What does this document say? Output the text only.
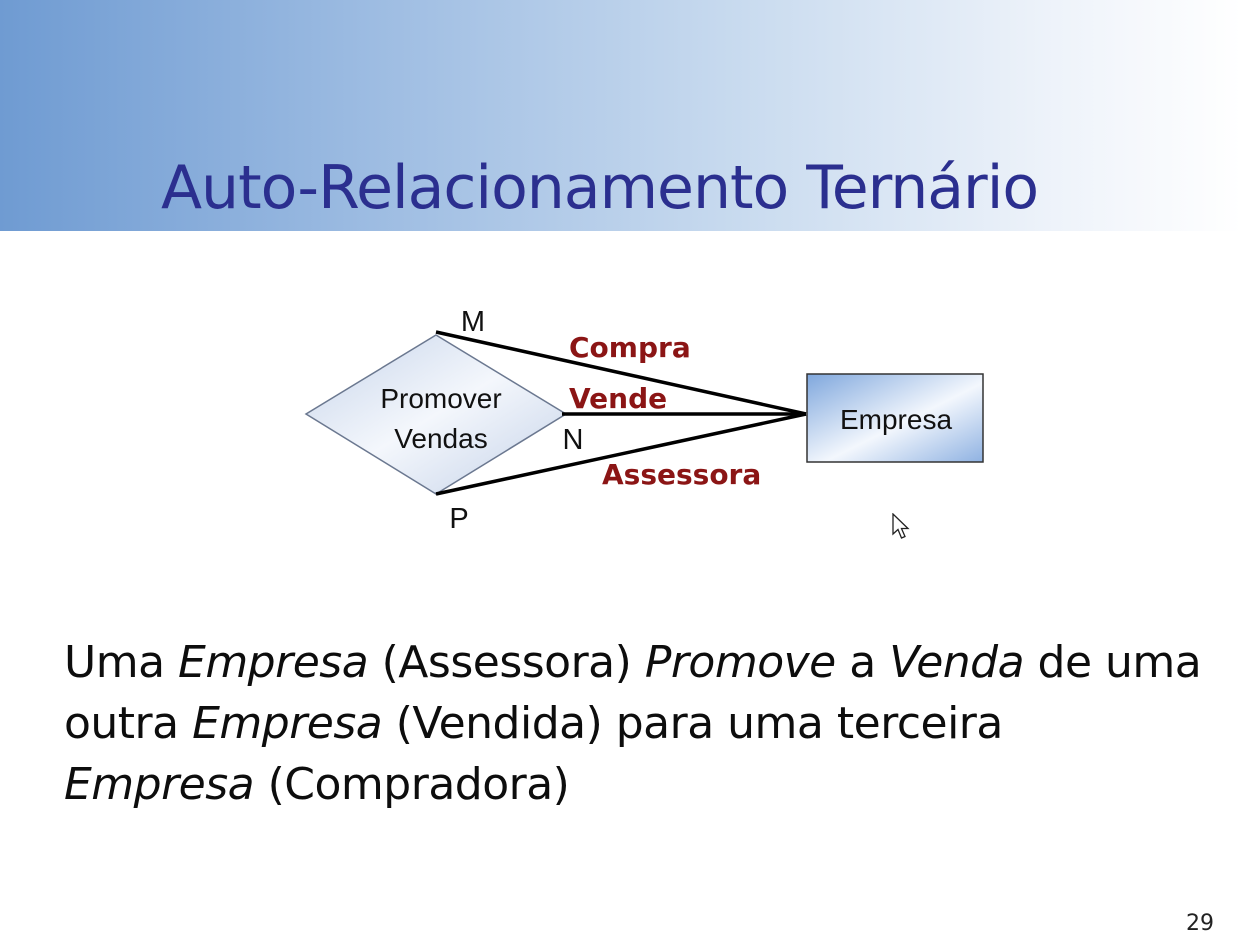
Auto-Relacionamento Ternário
Promover
Vendas
Empresa
M
N
P
Compra
Vende
Assessora

Uma Empresa (Assessora) Promove a Venda de uma outra Empresa (Vendida) para uma terceira Empresa (Compradora)

29
